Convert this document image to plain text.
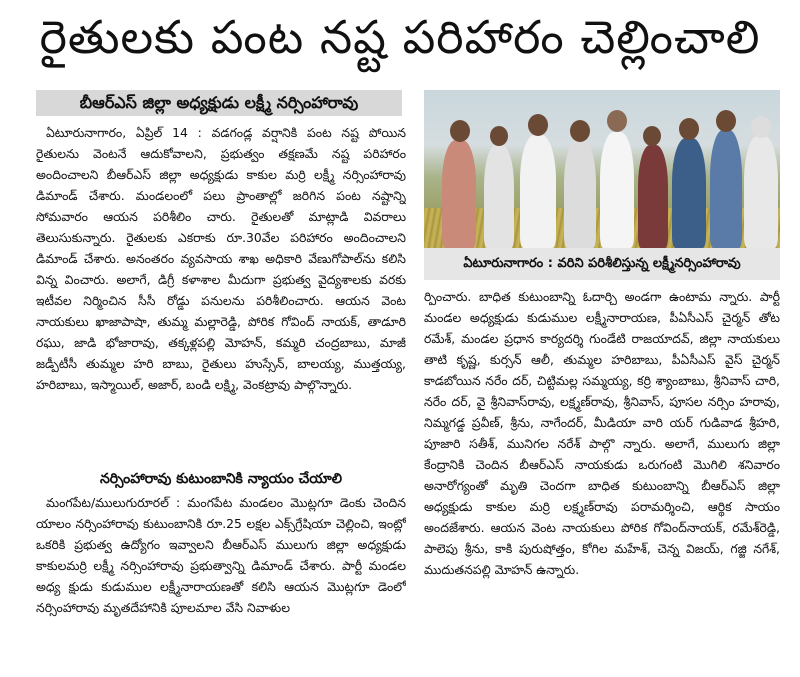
రైతులకు పంట నష్ట పరిహారం చెల్లించాలి
బీఆర్ఎస్ జిల్లా అధ్యక్షుడు లక్ష్మీ నర్సింహారావు

ఏటూరునాగారం, ఏప్రిల్ 14 : వడగండ్ల వర్షానికి పంట నష్ట పోయిన రైతులను వెంటనే ఆదుకోవాలని, ప్రభుత్వం తక్షణమే నష్ట పరిహారం అందించాలని బీఆర్ఎస్ జిల్లా అధ్యక్షుడు కాకుల మర్రి లక్ష్మీ నర్సింహారావు డిమాండ్ చేశారు. మండలంలో పలు ప్రాంతాల్లో జరిగిన పంట నష్టాన్ని సోమవారం ఆయన పరిశీలిం చారు. రైతులతో మాట్లాడి వివరాలు తెలుసుకున్నారు. రైతులకు ఎకరాకు రూ.30వేల పరిహారం అందించాలని డిమాండ్ చేశారు. అనంతరం వ్యవసాయ శాఖ అధికారి వేణుగోపాల్‌ను కలిసి విన్న వించారు. అలాగే, డిగ్రీ కళాశాల మీదుగా ప్రభుత్వ వైద్యశాలకు వరకు ఇటీవల నిర్మించిన సీసీ రోడ్డు పనులను పరిశీలించారు. ఆయన వెంట నాయకులు ఖాజాపాషా, తుమ్మ మల్లారెడ్డి, పోరిక గోవింద్ నాయక్, తాడూరి రఘు, జాడి భోజారావు, తక్కళ్లపల్లి మోహన్, కమ్మరి చంద్రబాబు, మాజీ జడ్పీటీసీ తుమ్మల హరి బాబు, రైతులు హుస్సేన్, బాలయ్య, ముత్తయ్య, హరిబాబు, ఇస్మాయిల్, అజార్, బండి లక్ష్మి, వెంకట్రావు పాల్గొన్నారు.

నర్సింహారావు కుటుంబానికి న్యాయం చేయాలి

మంగపేట/ములుగురూరల్ : మంగపేట మండలం మొట్లగూ డెంకు చెందిన యాలం నర్సింహారావు కుటుంబానికి రూ.25 లక్షల ఎక్స్‌గ్రేషియా చెల్లించి, ఇంట్లో ఒకరికి ప్రభుత్వ ఉద్యోగం ఇవ్వాలని బీఆర్ఎస్ ములుగు జిల్లా అధ్యక్షుడు కాకులమర్రి లక్ష్మీ నర్సింహారావు ప్రభుత్వాన్ని డిమాండ్ చేశారు. పార్టీ మండల అధ్య క్షుడు కుడుముల లక్ష్మీనారాయణతో కలిసి ఆయన మొట్లగూ డెంలో నర్సింహారావు మృతదేహానికి పూలమాల వేసి నివాళుల

ఏటూరునాగారం : వరిని పరిశీలిస్తున్న లక్ష్మీనర్సింహారావు

ర్పించారు. బాధిత కుటుంబాన్ని ఓదార్చి అండగా ఉంటామ న్నారు. పార్టీ మండల అధ్యక్షుడు కుడుముల లక్ష్మీనారాయణ, పీఏసీఎస్ చైర్మన్ తోట రమేశ్, మండల ప్రధాన కార్యదర్శి గుండేటి రాజయాదవ్, జిల్లా నాయకులు తాటి కృష్ణ, కుర్సన్ ఆలీ, తుమ్మల హరిబాబు, పీఏసీఎస్ వైస్ చైర్మన్ కాడబోయిన నరేం దర్, చిట్టిమల్ల సమ్మయ్య, కర్రి శ్యాంబాబు, శ్రీనివాస్ చారి, నరేం దర్, వై శ్రీనివాస్‌రావు, లక్ష్మణ్‌రావు, శ్రీనివాస్, పూసల నర్సిం హరావు, నిమ్మగడ్డ ప్రవీణ్, శ్రీను, నాగేందర్, మీడియా వారి యర్ గుడివాడ శ్రీహరి, పూజారి సతీశ్, మునిగల నరేశ్ పాల్గొ న్నారు. అలాగే, ములుగు జిల్లా కేంద్రానికి చెందిన బీఆర్ఎస్ నాయకుడు ఒరుగంటి మొగిలి శనివారం అనారోగ్యంతో మృతి చెందగా బాధిత కుటుంబాన్ని బీఆర్ఎస్ జిల్లా అధ్యక్షుడు కాకుల మర్రి లక్ష్మణ్‌రావు పరామర్శించి, ఆర్థిక సాయం అందజేశారు. ఆయన వెంట నాయకులు పోరిక గోవింద్‌నాయక్, రమేశ్‌రెడ్డి, పాలెపు శ్రీను, కాకి పురుషోత్తం, కోగిల మహేశ్, చెన్న విజయ్, గజ్జి నగేశ్, ముదుతనపల్లి మోహన్ ఉన్నారు.
